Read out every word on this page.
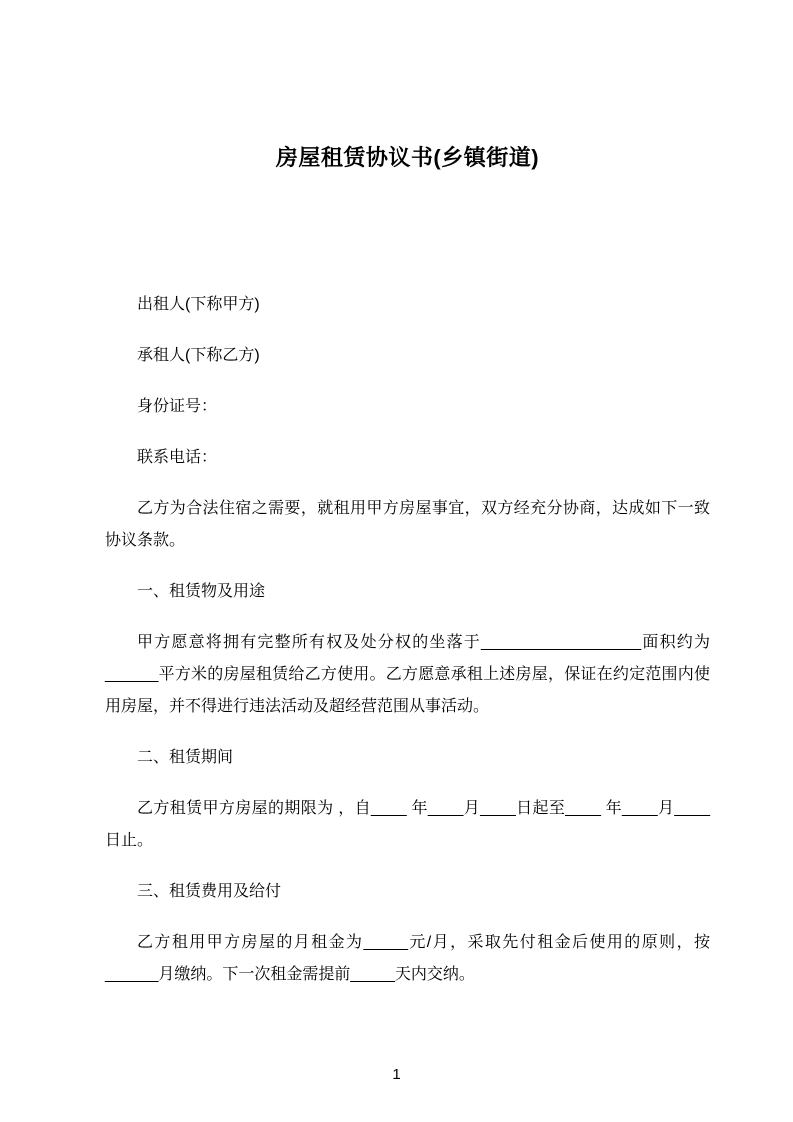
房屋租赁协议书(乡镇街道)

出租人(下称甲方)

承租人(下称乙方)

身份证号：

联系电话：

乙方为合法住宿之需要，就租用甲方房屋事宜，双方经充分协商，达成如下一致协议条款。

一、租赁物及用途

甲方愿意将拥有完整所有权及处分权的坐落于__________________面积约为______平方米的房屋租赁给乙方使用。乙方愿意承租上述房屋，保证在约定范围内使用房屋，并不得进行违法活动及超经营范围从事活动。

二、租赁期间

乙方租赁甲方房屋的期限为 ，自____ 年____月____日起至____ 年____月____日止。

三、租赁费用及给付

乙方租用甲方房屋的月租金为_____元/月，采取先付租金后使用的原则，按______月缴纳。下一次租金需提前_____天内交纳。

1
